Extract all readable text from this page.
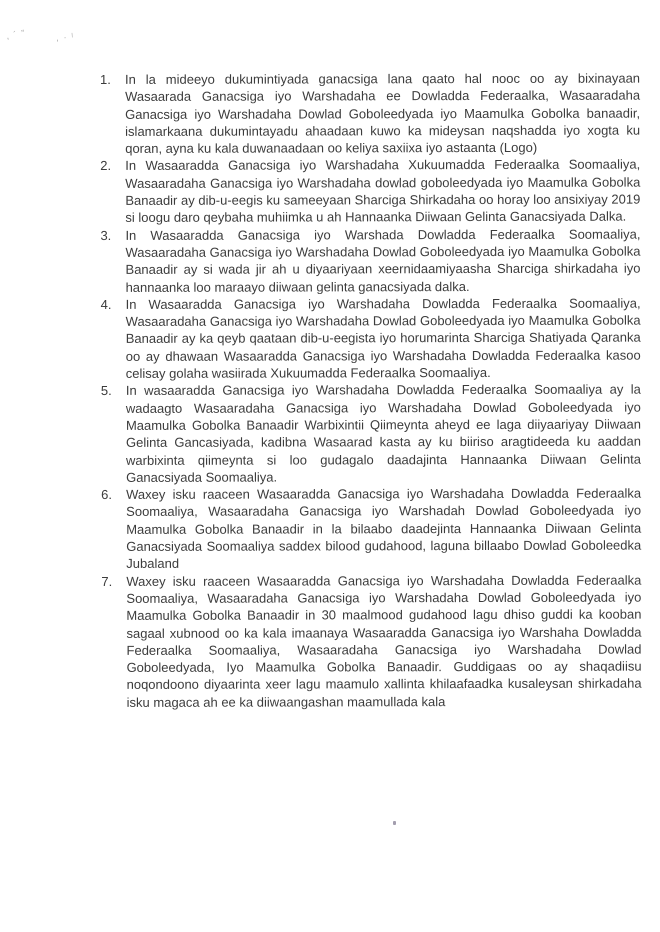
,´”	,·ˡ
1.	In la mideeyo dukumintiyada ganacsiga lana qaato hal nooc oo ay bixinayaan Wasaarada Ganacsiga iyo Warshadaha ee Dowladda Federaalka, Wasaaradaha Ganacsiga iyo Warshadaha Dowlad Goboleedyada iyo Maamulka Gobolka banaadir, islamarkaana dukumintayadu ahaadaan kuwo ka mideysan naqshadda iyo xogta ku qoran, ayna ku kala duwanaadaan oo keliya saxiixa iyo astaanta (Logo)
2.	In Wasaaradda Ganacsiga iyo Warshadaha Xukuumadda Federaalka Soomaaliya, Wasaaradaha Ganacsiga iyo Warshadaha dowlad goboleedyada iyo Maamulka Gobolka Banaadir ay dib-u-eegis ku sameeyaan Sharciga Shirkadaha oo horay loo ansixiyay 2019 si loogu daro qeybaha muhiimka u ah Hannaanka Diiwaan Gelinta Ganacsiyada Dalka.
3.	In Wasaaradda Ganacsiga iyo Warshada Dowladda Federaalka Soomaaliya, Wasaaradaha Ganacsiga iyo Warshadaha Dowlad Goboleedyada iyo Maamulka Gobolka Banaadir ay si wada jir ah u diyaariyaan xeernidaamiyaasha Sharciga shirkadaha iyo hannaanka loo maraayo diiwaan gelinta ganacsiyada dalka.
4.	In Wasaaradda Ganacsiga iyo Warshadaha Dowladda Federaalka Soomaaliya, Wasaaradaha Ganacsiga iyo Warshadaha Dowlad Goboleedyada iyo Maamulka Gobolka Banaadir ay ka qeyb qaataan dib-u-eegista iyo horumarinta Sharciga Shatiyada Qaranka oo ay dhawaan Wasaaradda Ganacsiga iyo Warshadaha Dowladda Federaalka kasoo celisay golaha wasiirada Xukuumadda Federaalka Soomaaliya.
5.	In wasaaradda Ganacsiga iyo Warshadaha Dowladda Federaalka Soomaaliya ay la wadaagto Wasaaradaha Ganacsiga iyo Warshadaha Dowlad Goboleedyada iyo Maamulka Gobolka Banaadir Warbixintii Qiimeynta aheyd ee laga diiyaariyay Diiwaan Gelinta Gancasiyada, kadibna Wasaarad kasta ay ku biiriso aragtideeda ku aaddan warbixinta qiimeynta si loo gudagalo daadajinta Hannaanka Diiwaan Gelinta Ganacsiyada Soomaaliya.
6.	Waxey isku raaceen Wasaaradda Ganacsiga iyo Warshadaha Dowladda Federaalka Soomaaliya, Wasaaradaha Ganacsiga iyo Warshadah Dowlad Goboleedyada iyo Maamulka Gobolka Banaadir in la bilaabo daadejinta Hannaanka Diiwaan Gelinta Ganacsiyada Soomaaliya saddex bilood gudahood, laguna billaabo Dowlad Goboleedka Jubaland
7.	Waxey isku raaceen Wasaaradda Ganacsiga iyo Warshadaha Dowladda Federaalka Soomaaliya, Wasaaradaha Ganacsiga iyo Warshadaha Dowlad Goboleedyada iyo Maamulka Gobolka Banaadir in 30 maalmood gudahood lagu dhiso guddi ka kooban sagaal xubnood oo ka kala imaanaya Wasaaradda Ganacsiga iyo Warshaha Dowladda Federaalka Soomaaliya, Wasaaradaha Ganacsiga iyo Warshadaha Dowlad Goboleedyada, Iyo Maamulka Gobolka Banaadir. Guddigaas oo ay shaqadiisu noqondoono diyaarinta xeer lagu maamulo xallinta khilaafaadka kusaleysan shirkadaha isku magaca ah ee ka diiwaangashan maamullada kala
